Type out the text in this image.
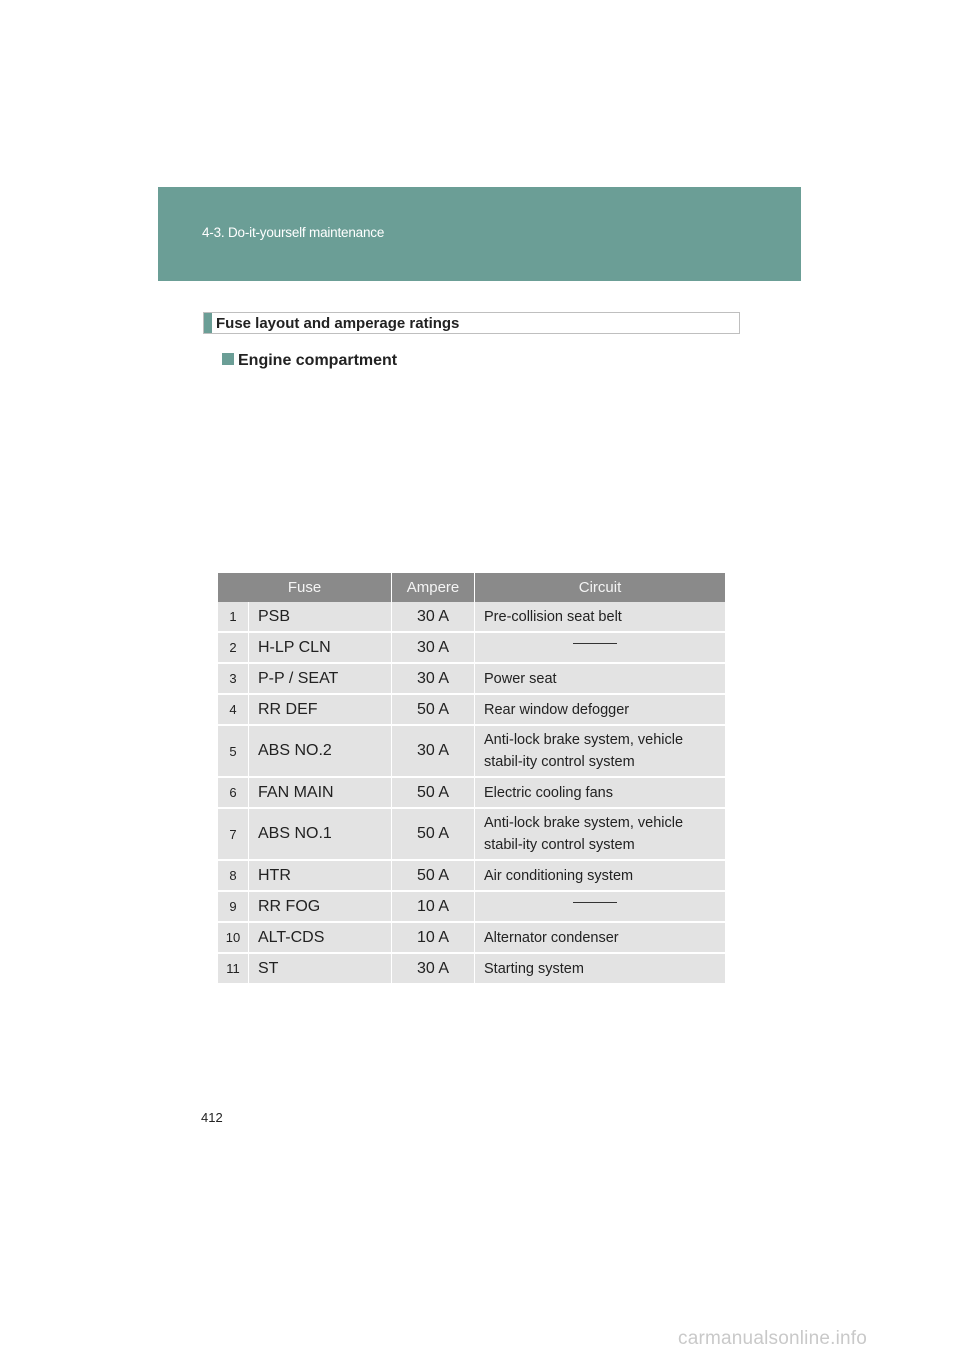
4-3. Do-it-yourself maintenance
Fuse layout and amperage ratings
Engine compartment
Fuse		Ampere	Circuit
1	PSB	30 A	Pre-collision seat belt
2	H-LP CLN	30 A	

3	P-P / SEAT	30 A	Power seat
4	RR DEF	50 A	Rear window defogger
5	ABS NO.2	30 A	Anti-lock brake system, vehicle stabil-ity control system
6	FAN MAIN	50 A	Electric cooling fans
7	ABS NO.1	50 A	Anti-lock brake system, vehicle stabil-ity control system
8	HTR	50 A	Air conditioning system
9	RR FOG	10 A	

10	ALT-CDS	10 A	Alternator condenser
11	ST	30 A	Starting system
412
carmanualsonline.info
